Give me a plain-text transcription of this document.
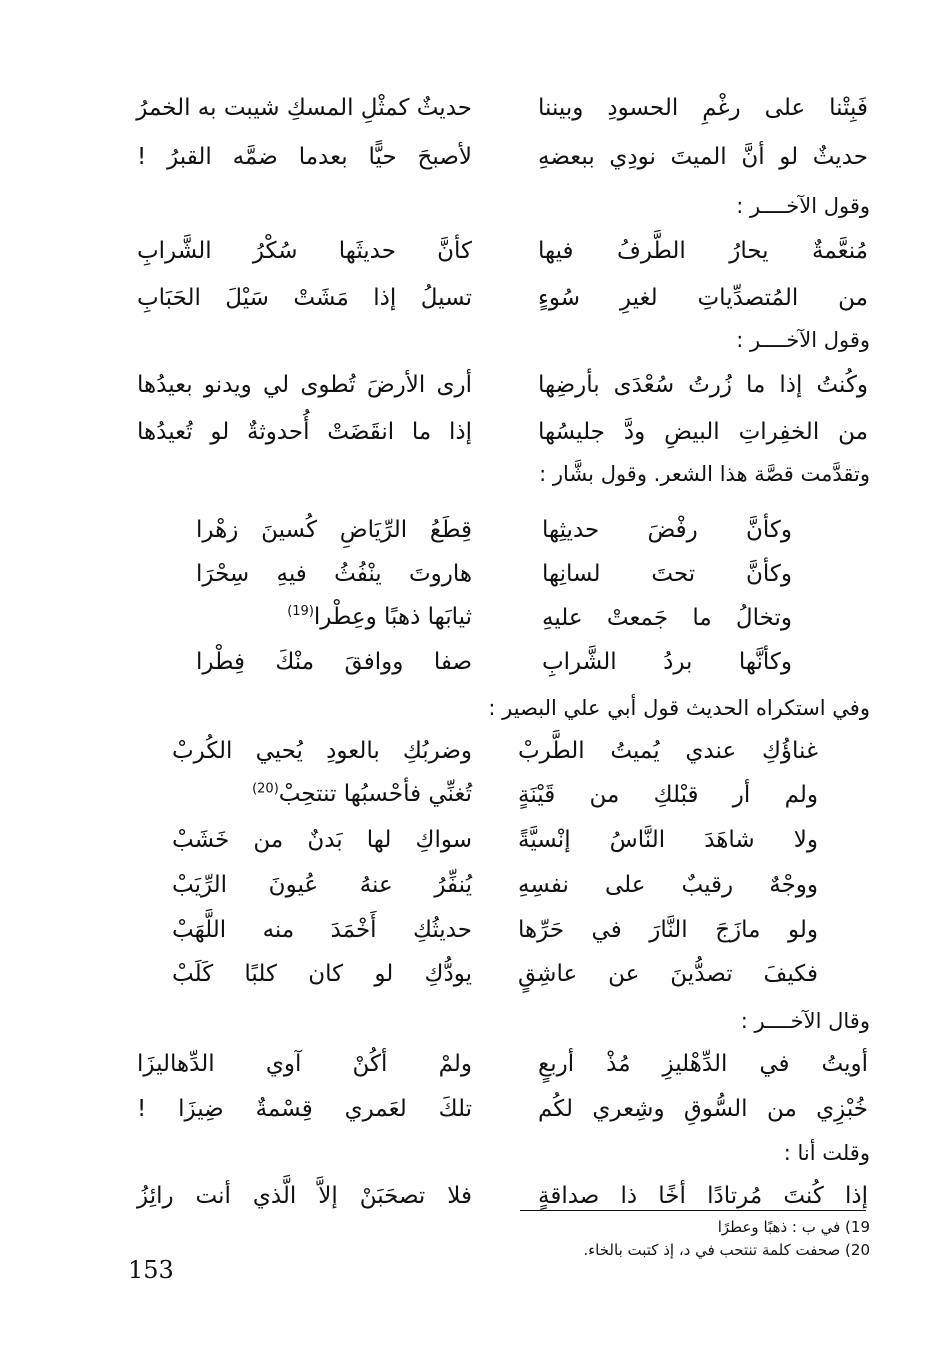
فَبِتْنا على رغْمِ الحسودِ وبيننا
حديثٌ كمثْلِ المسكِ شيبت به الخمرُ
حديثٌ لو أنَّ الميتَ نودِي ببعضهِ
لأصبحَ حيًّا بعدما ضمَّه القبرُ !
وقول الآخــــر :
مُنعَّمةٌ يحارُ الطَّرفُ فيها
كأنَّ حديثَها سُكْرُ الشَّرابِ
من المُتصدِّياتِ لغيرِ سُوءٍ
تسيلُ إذا مَشَتْ سَيْلَ الحَبَابِ
وقول الآخــــر :
وكُنتُ إذا ما زُرتُ سُعْدَى بأرضِها
أرى الأرضَ تُطوى لي ويدنو بعيدُها
من الخفِراتِ البيضِ ودَّ جليسُها
إذا ما انقَضَتْ أُحدوثةٌ لو تُعيدُها
وتقدَّمت قصَّة هذا الشعر. وقول بشَّار :
وكأنَّ رفْضَ حديثِها
قِطَعُ الرِّيَاضِ كُسينَ زهْرا
وكأنَّ تحتَ لسانِها
هاروتَ ينْفُثُ فيهِ سِحْرَا
وتخالُ ما جَمعتْ عليهِ
ثيابَها ذهبًا وعِطْرا
(19)
وكأنَّها بردُ الشَّرابِ
صفا ووافقَ منْكَ فِطْرا
وفي استكراه الحديث قول أبي علي البصير :
غناؤُكِ عندي يُميتُ الطَّربْ
وضربُكِ بالعودِ يُحيي الكُربْ
ولم أر قبْلكِ من قَيْنَةٍ
تُغنِّي فأحْسبُها تنتحِبْ$^{(20)}$
ولا شاهَدَ النَّاسُ إنْسيَّةً
سواكِ لها بَدنٌ من خَشَبْ
ووجْهٌ رقيبٌ على نفسِهِ
يُنفِّرُ عنهُ عُيونَ الرِّيَبْ
ولو مازَجَ النَّارَ في حَرِّها
حديثُكِ أَخْمَدَ منه اللَّهَبْ
فكيفَ تصدُّينَ عن عاشِقٍ
يودُّكِ لو كان كلبًا كَلَبْ
وقال الآخــــر :
أويتُ في الدِّهْليزِ مُذْ أربعٍ
ولمْ أكُنْ آوي الدِّهاليزَا
خُبْزِي من السُّوقِ وشِعري لكُم
تلكَ لعَمري قِسْمةٌ ضِيزَا !
وقلت أنا :
إذا كُنتَ مُرتادًا أخًا ذا صداقةٍ
فلا تصحَبَنْ إلاَّ الَّذي أنت رائِزُ
19) في ب : ذهبًا وعطرًا
20) صحفت كلمة تنتحب في د، إذ كتبت بالخاء.
153
